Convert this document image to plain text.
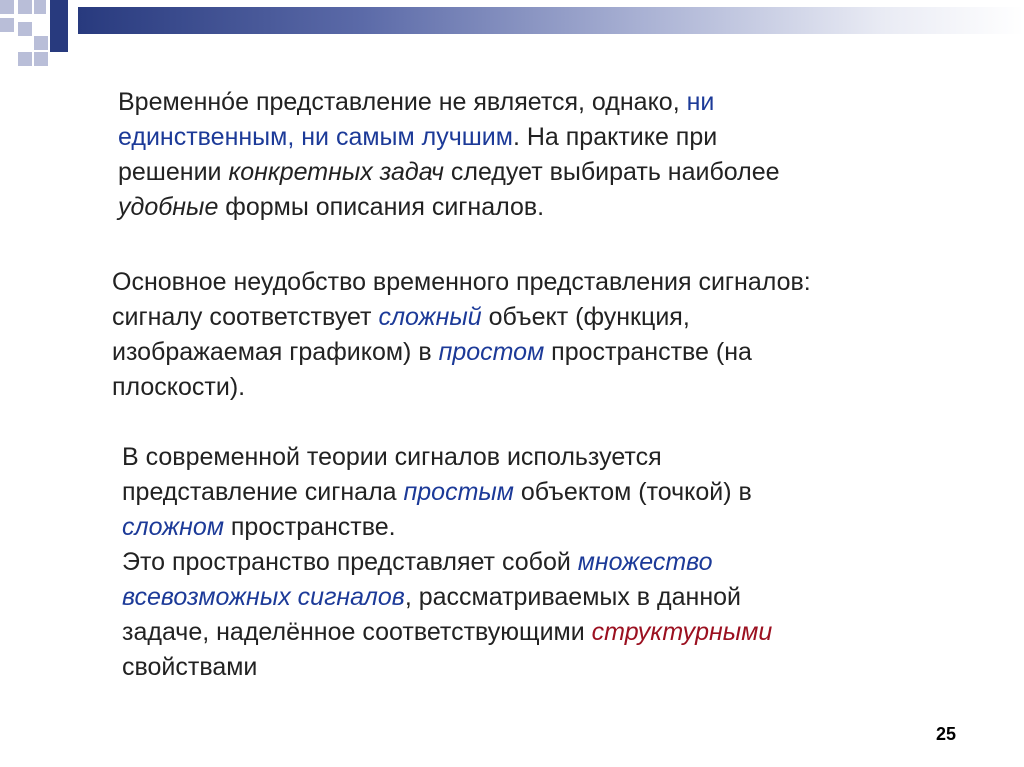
Временно́е представление не является, однако, ни
единственным, ни самым лучшим. На практике при
решении конкретных задач следует выбирать наиболее
удобные формы описания сигналов.

Основное неудобство временного представления сигналов:
сигналу соответствует сложный объект (функция,
изображаемая графиком) в простом пространстве (на
плоскости).

В современной теории сигналов используется
представление сигнала простым объектом (точкой) в
сложном пространстве.
Это пространство представляет собой множество
всевозможных сигналов, рассматриваемых в данной
задаче, наделённое соответствующими структурными
свойствами

25
